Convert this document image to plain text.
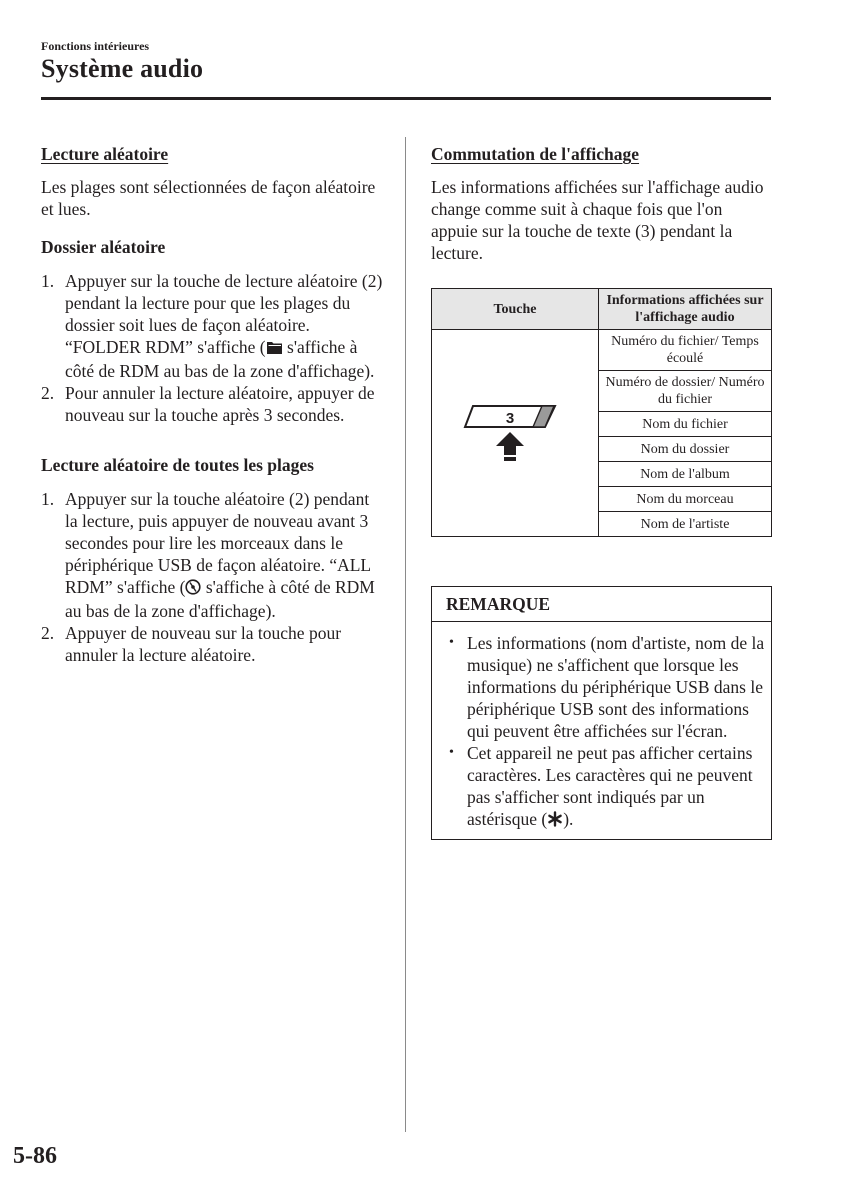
Fonctions intérieures
Système audio

Lecture aléatoire

Les plages sont sélectionnées de façon aléatoire et lues.

Dossier aléatoire

1. Appuyer sur la touche de lecture aléatoire (2) pendant la lecture pour que les plages du dossier soit lues de façon aléatoire. “FOLDER RDM” s'affiche ( s'affiche à côté de RDM au bas de la zone d'affichage).
2. Pour annuler la lecture aléatoire, appuyer de nouveau sur la touche après 3 secondes.

Lecture aléatoire de toutes les plages

1. Appuyer sur la touche aléatoire (2) pendant la lecture, puis appuyer de nouveau avant 3 secondes pour lire les morceaux dans le périphérique USB de façon aléatoire. “ALL RDM” s'affiche ( s'affiche à côté de RDM au bas de la zone d'affichage).
2. Appuyer de nouveau sur la touche pour annuler la lecture aléatoire.

Commutation de l'affichage

Les informations affichées sur l'affichage audio change comme suit à chaque fois que l'on appuie sur la touche de texte (3) pendant la lecture.

Touche	Informations affichées sur l'affichage audio

3	Numéro du fichier/ Temps écoulé
	Numéro de dossier/ Numéro du fichier
	Nom du fichier
	Nom du dossier
	Nom de l'album
	Nom du morceau
	Nom de l'artiste
REMARQUE
• Les informations (nom d'artiste, nom de la musique) ne s'affichent que lorsque les informations du périphérique USB dans le périphérique USB sont des informations qui peuvent être affichées sur l'écran.
• Cet appareil ne peut pas afficher certains caractères. Les caractères qui ne peuvent pas s'afficher sont indiqués par un astérisque ( ).
5-86
